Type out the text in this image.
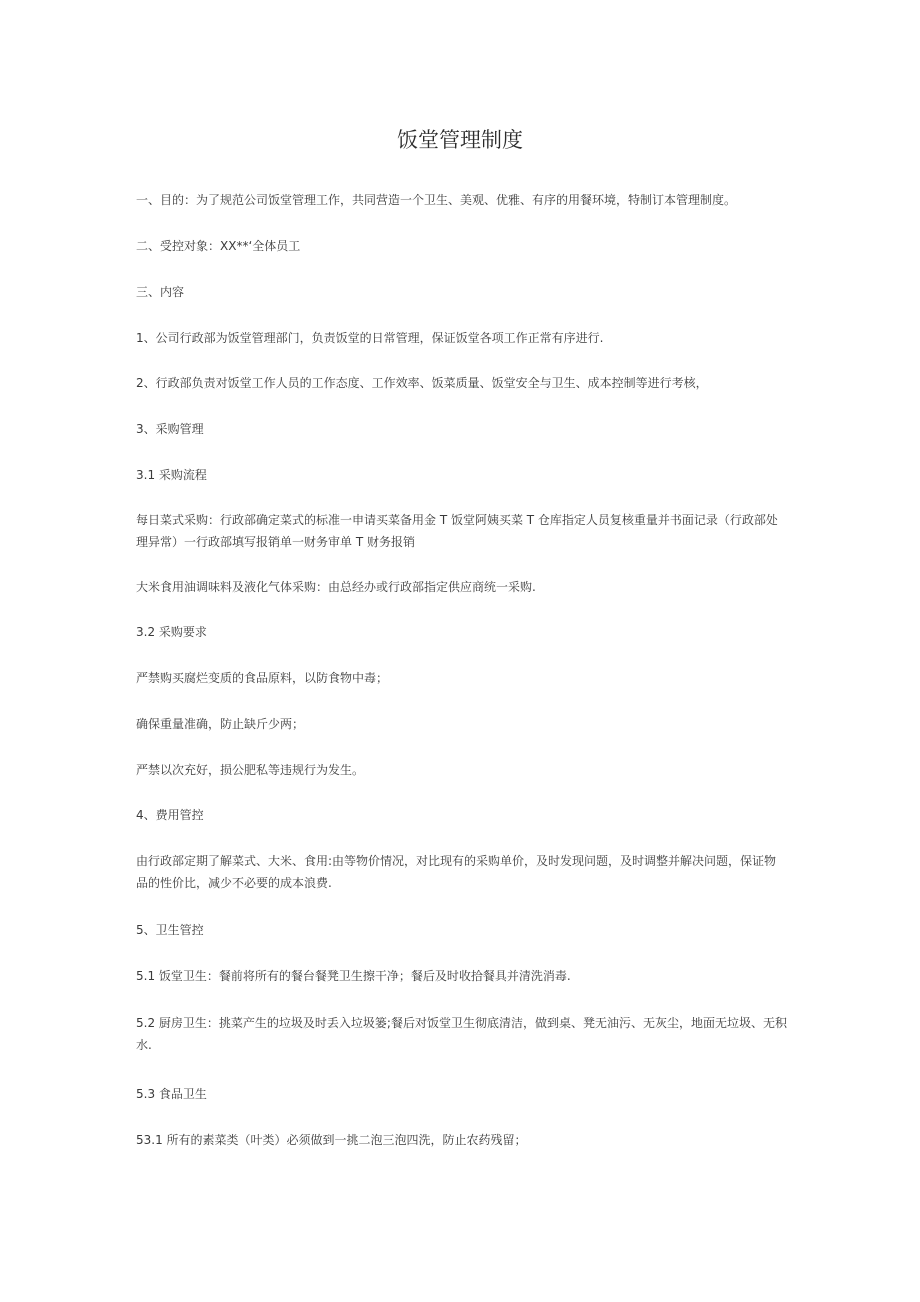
饭堂管理制度

一、目的：为了规范公司饭堂管理工作，共同营造一个卫生、美观、优雅、有序的用餐环境，特制订本管理制度。

二、受控对象：XX**‘全体员工

三、内容

1、公司行政部为饭堂管理部门，负责饭堂的日常管理，保证饭堂各项工作正常有序进行.

2、行政部负责对饭堂工作人员的工作态度、工作效率、饭菜质量、饭堂安全与卫生、成本控制等进行考核，

3、采购管理

3.1 采购流程

每日菜式采购：行政部确定菜式的标准一申请买菜备用金 T 饭堂阿姨买菜 T 仓库指定人员复核重量并书面记录（行政部处理异常）一行政部填写报销单一财务审单 T 财务报销

大米食用油调味料及液化气体采购：由总经办或行政部指定供应商统一采购.

3.2 采购要求

严禁购买腐烂变质的食品原料，以防食物中毒；

确保重量准确，防止缺斤少两；

严禁以次充好，损公肥私等违规行为发生。

4、费用管控

由行政部定期了解菜式、大米、食用:由等物价情况，对比现有的采购单价，及时发现问题，及时调整并解决问题，保证物品的性价比，减少不必要的成本浪费.

5、卫生管控

5.1 饭堂卫生：餐前将所有的餐台餐凳卫生擦干净；餐后及时收拾餐具并清洗消毒.

5.2 厨房卫生：挑菜产生的垃圾及时丢入垃圾篓;餐后对饭堂卫生彻底清洁，做到桌、凳无油污、无灰尘，地面无垃圾、无积水.

5.3 食品卫生

53.1 所有的素菜类（叶类）必须做到一挑二泡三泡四洗，防止农药残留；
